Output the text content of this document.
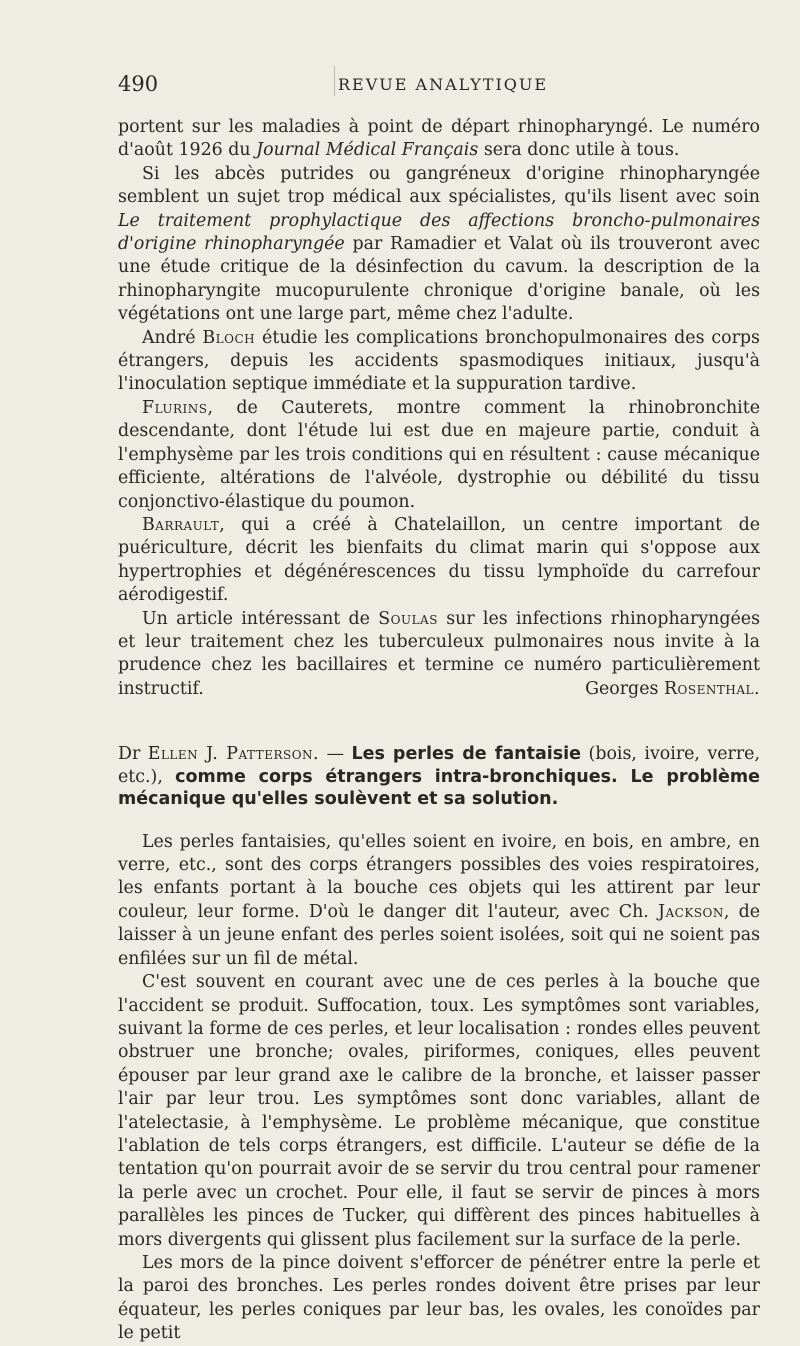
490	REVUE ANALYTIQUE

portent sur les maladies à point de départ rhinopharyngé. Le numéro d'août 1926 du Journal Médical Français sera donc utile à tous.

Si les abcès putrides ou gangréneux d'origine rhinopharyngée semblent un sujet trop médical aux spécialistes, qu'ils lisent avec soin Le traitement prophylactique des affections broncho-pulmonaires d'origine rhinopharyngée par Ramadier et Valat où ils trouveront avec une étude critique de la désinfection du cavum. la description de la rhinopharyngite mucopurulente chronique d'origine banale, où les végétations ont une large part, même chez l'adulte.

André Bloch étudie les complications bronchopulmonaires des corps étrangers, depuis les accidents spasmodiques initiaux, jusqu'à l'inoculation septique immédiate et la suppuration tardive.

Flurins, de Cauterets, montre comment la rhinobronchite descendante, dont l'étude lui est due en majeure partie, conduit à l'emphysème par les trois conditions qui en résultent : cause mécanique efficiente, altérations de l'alvéole, dystrophie ou débilité du tissu conjonctivo-élastique du poumon.

Barrault, qui a créé à Chatelaillon, un centre important de puériculture, décrit les bienfaits du climat marin qui s'oppose aux hypertrophies et dégénérescences du tissu lymphoïde du carrefour aérodigestif.

Un article intéressant de Soulas sur les infections rhinopharyngées et leur traitement chez les tuberculeux pulmonaires nous invite à la prudence chez les bacillaires et termine ce numéro particulièrement instructif.	Georges Rosenthal.

Dr Ellen J. Patterson. — Les perles de fantaisie (bois, ivoire, verre, etc.), comme corps étrangers intra-bronchiques. Le problème mécanique qu'elles soulèvent et sa solution.

Les perles fantaisies, qu'elles soient en ivoire, en bois, en ambre, en verre, etc., sont des corps étrangers possibles des voies respiratoires, les enfants portant à la bouche ces objets qui les attirent par leur couleur, leur forme. D'où le danger dit l'auteur, avec Ch. Jackson, de laisser à un jeune enfant des perles soient isolées, soit qui ne soient pas enfilées sur un fil de métal.

C'est souvent en courant avec une de ces perles à la bouche que l'accident se produit. Suffocation, toux. Les symptômes sont variables, suivant la forme de ces perles, et leur localisation : rondes elles peuvent obstruer une bronche; ovales, piriformes, coniques, elles peuvent épouser par leur grand axe le calibre de la bronche, et laisser passer l'air par leur trou. Les symptômes sont donc variables, allant de l'atelectasie, à l'emphysème. Le problème mécanique, que constitue l'ablation de tels corps étrangers, est difficile. L'auteur se défie de la tentation qu'on pourrait avoir de se servir du trou central pour ramener la perle avec un crochet. Pour elle, il faut se servir de pinces à mors parallèles les pinces de Tucker, qui diffèrent des pinces habituelles à mors divergents qui glissent plus facilement sur la surface de la perle.

Les mors de la pince doivent s'efforcer de pénétrer entre la perle et la paroi des bronches. Les perles rondes doivent être prises par leur équateur, les perles coniques par leur bas, les ovales, les conoïdes par le petit
